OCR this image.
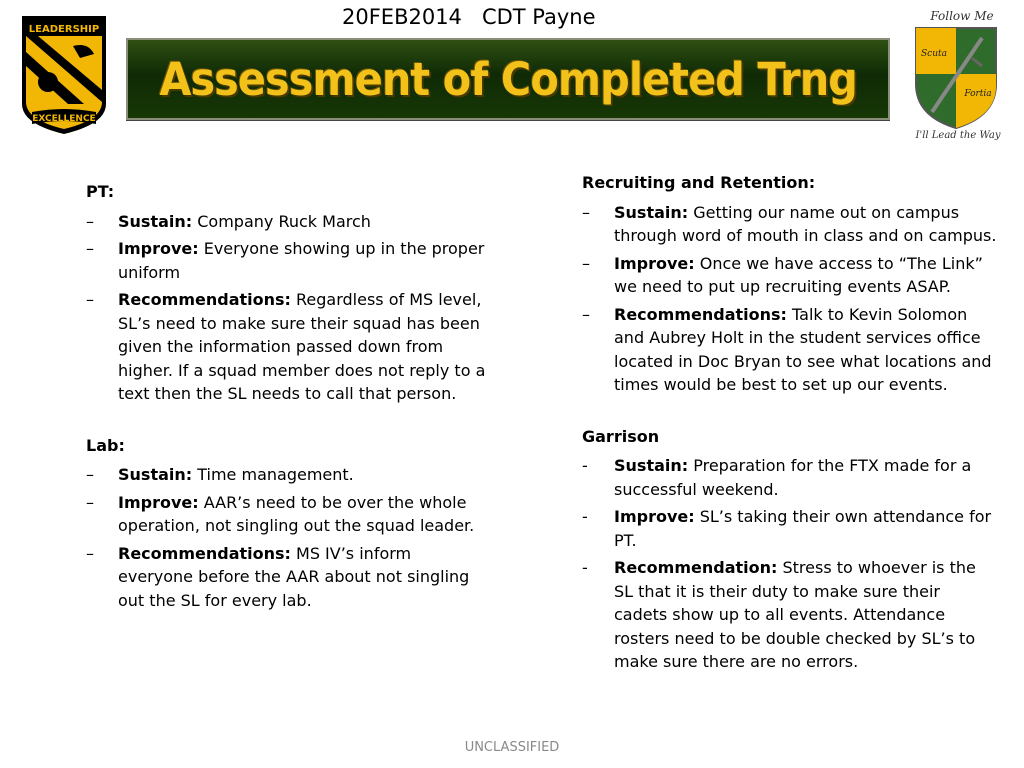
20FEB2014   CDT Payne
LEADERSHIP
EXCELLENCE
Assessment of Completed Trng
Follow Me
Scuta
Fortia
I'll Lead the Way
PT:
–	Sustain: Company Ruck March
–	Improve: Everyone showing up in the proper uniform
–	Recommendations: Regardless of MS level, SL’s need to make sure their squad has been given the information passed down from higher. If a squad member does not reply to a text then the SL needs to call that person.
Lab:
–	Sustain: Time management.
–	Improve: AAR’s need to be over the whole operation, not singling out the squad leader.
–	Recommendations: MS IV’s inform everyone before the AAR about not singling out the SL for every lab.
Recruiting and Retention:
–	Sustain: Getting our name out on campus through word of mouth in class and on campus.
–	Improve: Once we have access to “The Link” we need to put up recruiting events ASAP.
–	Recommendations: Talk to Kevin Solomon and Aubrey Holt in the student services office located in Doc Bryan to see what locations and times would be best to set up our events.
Garrison
-	Sustain: Preparation for the FTX made for a successful weekend.
-	Improve: SL’s taking their own attendance for PT.
-	Recommendation: Stress to whoever is the SL that it is their duty to make sure their cadets show up to all events. Attendance rosters need to be double checked by SL’s to make sure there are no errors.
UNCLASSIFIED
